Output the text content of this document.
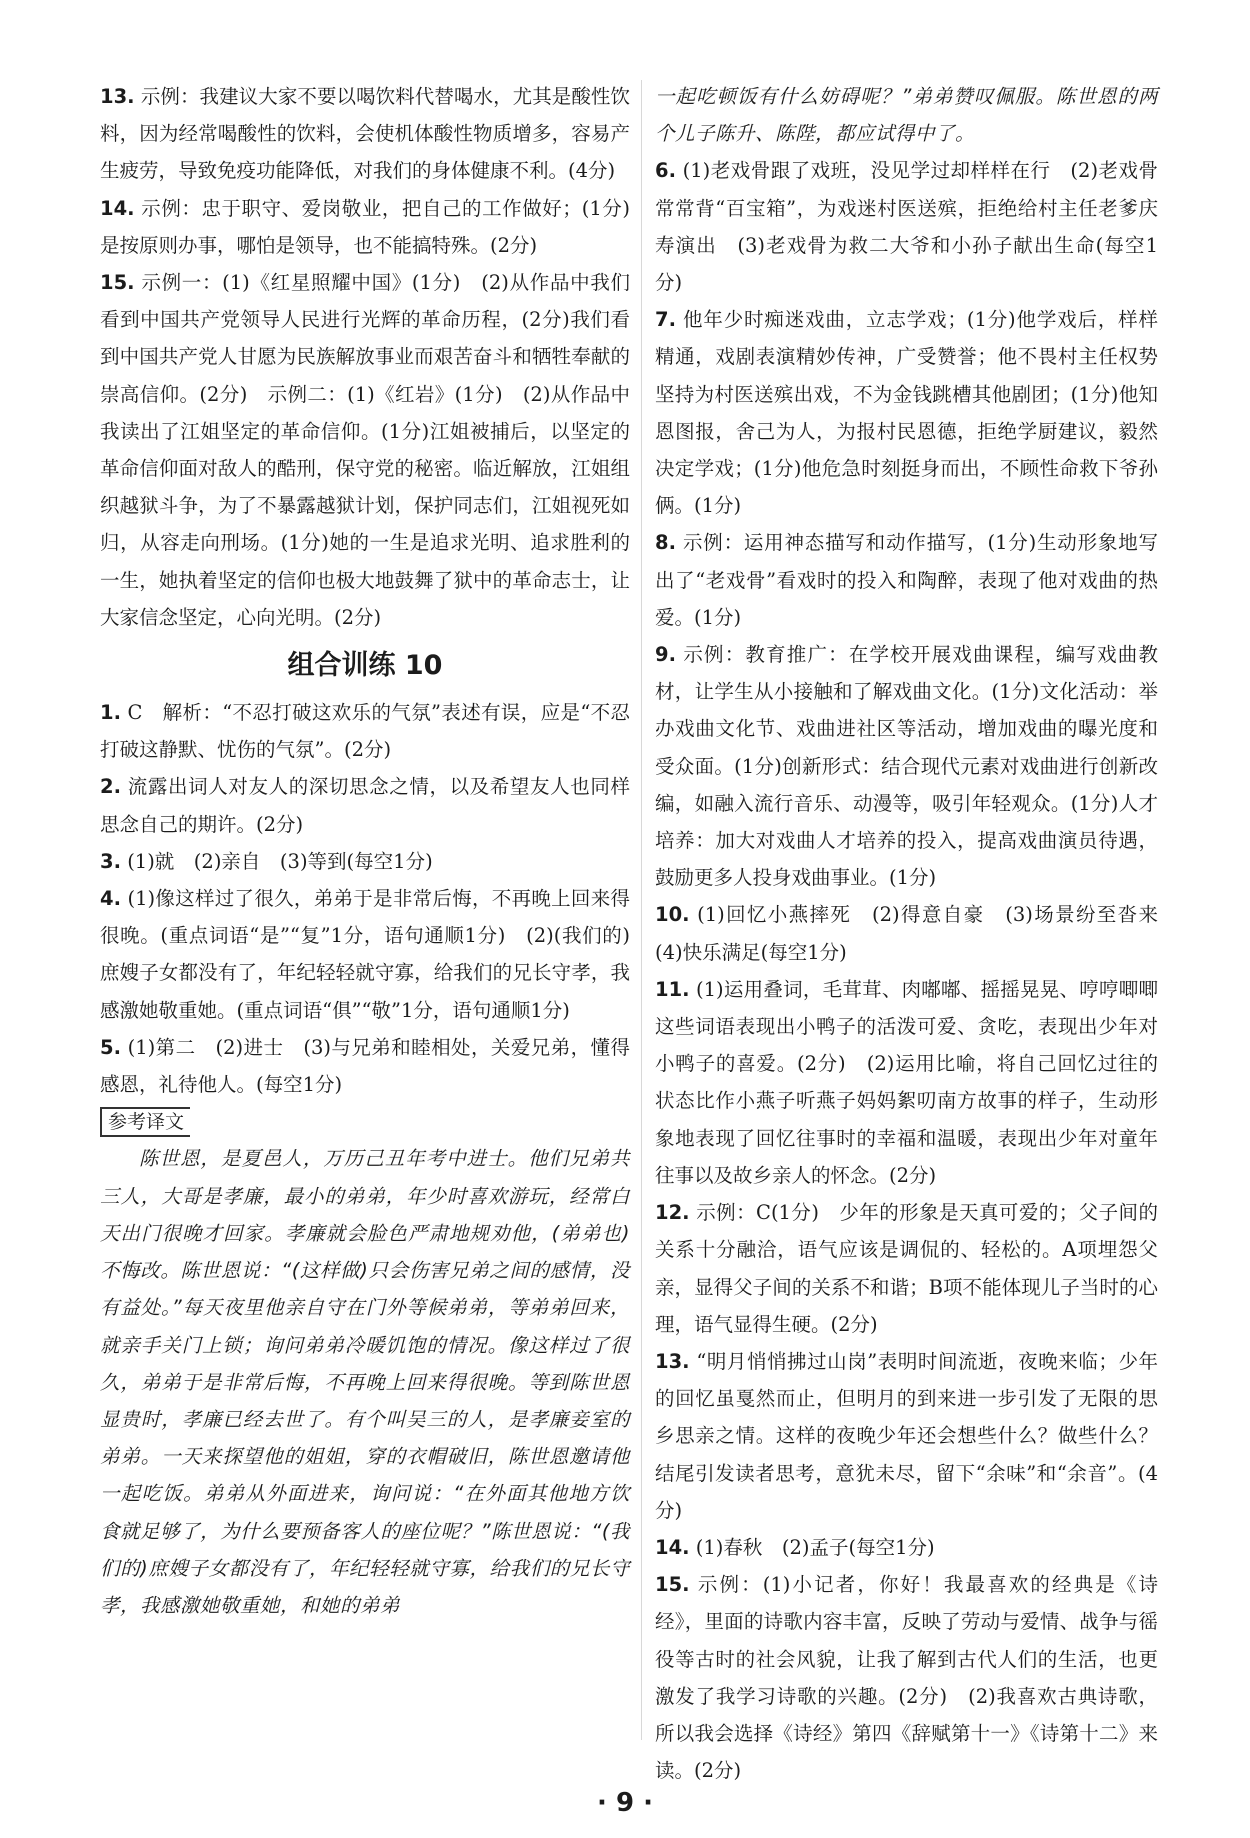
13. 示例：我建议大家不要以喝饮料代替喝水，尤其是酸性饮料，因为经常喝酸性的饮料，会使机体酸性物质增多，容易产生疲劳，导致免疫功能降低，对我们的身体健康不利。(4分)

14. 示例：忠于职守、爱岗敬业，把自己的工作做好；(1分)是按原则办事，哪怕是领导，也不能搞特殊。(2分)

15. 示例一：(1)《红星照耀中国》(1分)　(2)从作品中我们看到中国共产党领导人民进行光辉的革命历程，(2分)我们看到中国共产党人甘愿为民族解放事业而艰苦奋斗和牺牲奉献的崇高信仰。(2分)　示例二：(1)《红岩》(1分)　(2)从作品中我读出了江姐坚定的革命信仰。(1分)江姐被捕后，以坚定的革命信仰面对敌人的酷刑，保守党的秘密。临近解放，江姐组织越狱斗争，为了不暴露越狱计划，保护同志们，江姐视死如归，从容走向刑场。(1分)她的一生是追求光明、追求胜利的一生，她执着坚定的信仰也极大地鼓舞了狱中的革命志士，让大家信念坚定，心向光明。(2分)

组合训练 10

1. C　解析：“不忍打破这欢乐的气氛”表述有误，应是“不忍打破这静默、忧伤的气氛”。(2分)

2. 流露出词人对友人的深切思念之情，以及希望友人也同样思念自己的期许。(2分)

3. (1)就　(2)亲自　(3)等到(每空1分)

4. (1)像这样过了很久，弟弟于是非常后悔，不再晚上回来得很晚。(重点词语“是”“复”1分，语句通顺1分)　(2)(我们的)庶嫂子女都没有了，年纪轻轻就守寡，给我们的兄长守孝，我感激她敬重她。(重点词语“俱”“敬”1分，语句通顺1分)

5. (1)第二　(2)进士　(3)与兄弟和睦相处，关爱兄弟，懂得感恩，礼待他人。(每空1分)

参考译文

陈世恩，是夏邑人，万历己丑年考中进士。他们兄弟共三人，大哥是孝廉，最小的弟弟，年少时喜欢游玩，经常白天出门很晚才回家。孝廉就会脸色严肃地规劝他，(弟弟也)不悔改。陈世恩说：“(这样做)只会伤害兄弟之间的感情，没有益处。”每天夜里他亲自守在门外等候弟弟，等弟弟回来，就亲手关门上锁；询问弟弟冷暖饥饱的情况。像这样过了很久，弟弟于是非常后悔，不再晚上回来得很晚。等到陈世恩显贵时，孝廉已经去世了。有个叫吴三的人，是孝廉妾室的弟弟。一天来探望他的姐姐，穿的衣帽破旧，陈世恩邀请他一起吃饭。弟弟从外面进来，询问说：“在外面其他地方饮食就足够了，为什么要预备客人的座位呢？”陈世恩说：“(我们的)庶嫂子女都没有了，年纪轻轻就守寡，给我们的兄长守孝，我感激她敬重她，和她的弟弟

一起吃顿饭有什么妨碍呢？”弟弟赞叹佩服。陈世恩的两个儿子陈升、陈陛，都应试得中了。

6. (1)老戏骨跟了戏班，没见学过却样样在行　(2)老戏骨常常背“百宝箱”，为戏迷村医送殡，拒绝给村主任老爹庆寿演出　(3)老戏骨为救二大爷和小孙子献出生命(每空1分)

7. 他年少时痴迷戏曲，立志学戏；(1分)他学戏后，样样精通，戏剧表演精妙传神，广受赞誉；他不畏村主任权势坚持为村医送殡出戏，不为金钱跳槽其他剧团；(1分)他知恩图报，舍己为人，为报村民恩德，拒绝学厨建议，毅然决定学戏；(1分)他危急时刻挺身而出，不顾性命救下爷孙俩。(1分)

8. 示例：运用神态描写和动作描写，(1分)生动形象地写出了“老戏骨”看戏时的投入和陶醉，表现了他对戏曲的热爱。(1分)

9. 示例：教育推广：在学校开展戏曲课程，编写戏曲教材，让学生从小接触和了解戏曲文化。(1分)文化活动：举办戏曲文化节、戏曲进社区等活动，增加戏曲的曝光度和受众面。(1分)创新形式：结合现代元素对戏曲进行创新改编，如融入流行音乐、动漫等，吸引年轻观众。(1分)人才培养：加大对戏曲人才培养的投入，提高戏曲演员待遇，鼓励更多人投身戏曲事业。(1分)

10. (1)回忆小燕摔死　(2)得意自豪　(3)场景纷至沓来　(4)快乐满足(每空1分)

11. (1)运用叠词，毛茸茸、肉嘟嘟、摇摇晃晃、哼哼唧唧这些词语表现出小鸭子的活泼可爱、贪吃，表现出少年对小鸭子的喜爱。(2分)　(2)运用比喻，将自己回忆过往的状态比作小燕子听燕子妈妈絮叨南方故事的样子，生动形象地表现了回忆往事时的幸福和温暖，表现出少年对童年往事以及故乡亲人的怀念。(2分)

12. 示例：C(1分)　少年的形象是天真可爱的；父子间的关系十分融洽，语气应该是调侃的、轻松的。A项埋怨父亲，显得父子间的关系不和谐；B项不能体现儿子当时的心理，语气显得生硬。(2分)

13. “明月悄悄拂过山岗”表明时间流逝，夜晚来临；少年的回忆虽戛然而止，但明月的到来进一步引发了无限的思乡思亲之情。这样的夜晚少年还会想些什么？做些什么？结尾引发读者思考，意犹未尽，留下“余味”和“余音”。(4分)

14. (1)春秋　(2)孟子(每空1分)

15. 示例：(1)小记者，你好！我最喜欢的经典是《诗经》，里面的诗歌内容丰富，反映了劳动与爱情、战争与徭役等古时的社会风貌，让我了解到古代人们的生活，也更激发了我学习诗歌的兴趣。(2分)　(2)我喜欢古典诗歌，所以我会选择《诗经》第四《辞赋第十一》《诗第十二》来读。(2分)

· 9 ·
